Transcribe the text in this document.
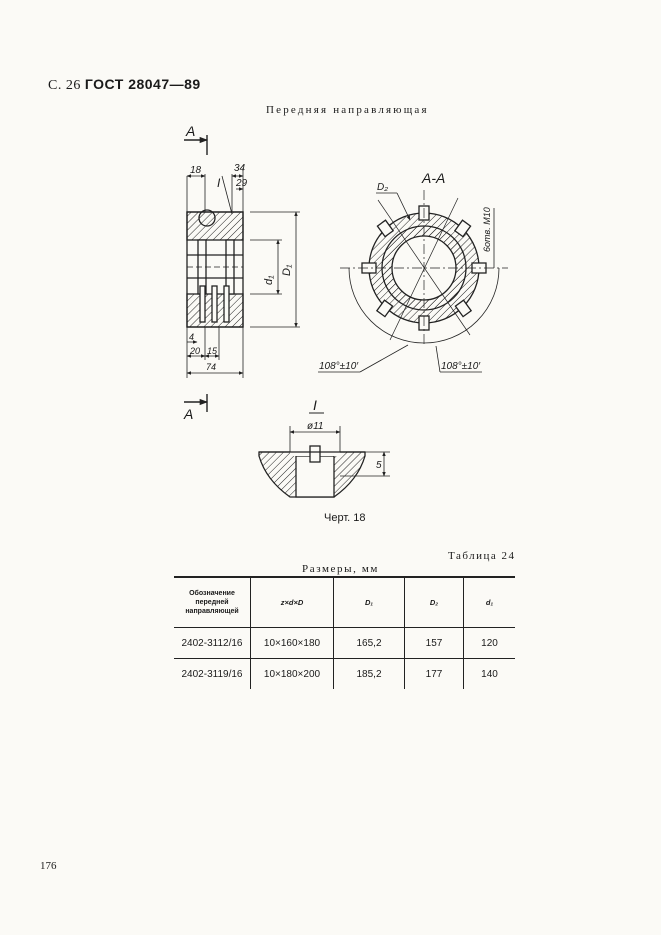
С. 26 ГОСТ 28047—89
Передняя направляющая
А
А
18	34
29
I
d₁
D₁
4
20 15
74
А-А
D₂
6отв. М10
108°±10′	108°±10′
I
ø11
5
Черт. 18
Таблица 24
Размеры, мм
Обозначение передней направляющей	z×d×D	D₁	D₂	d₁
2402-3112/16	10×160×180	165,2	157	120
2402-3119/16	10×180×200	185,2	177	140
176
